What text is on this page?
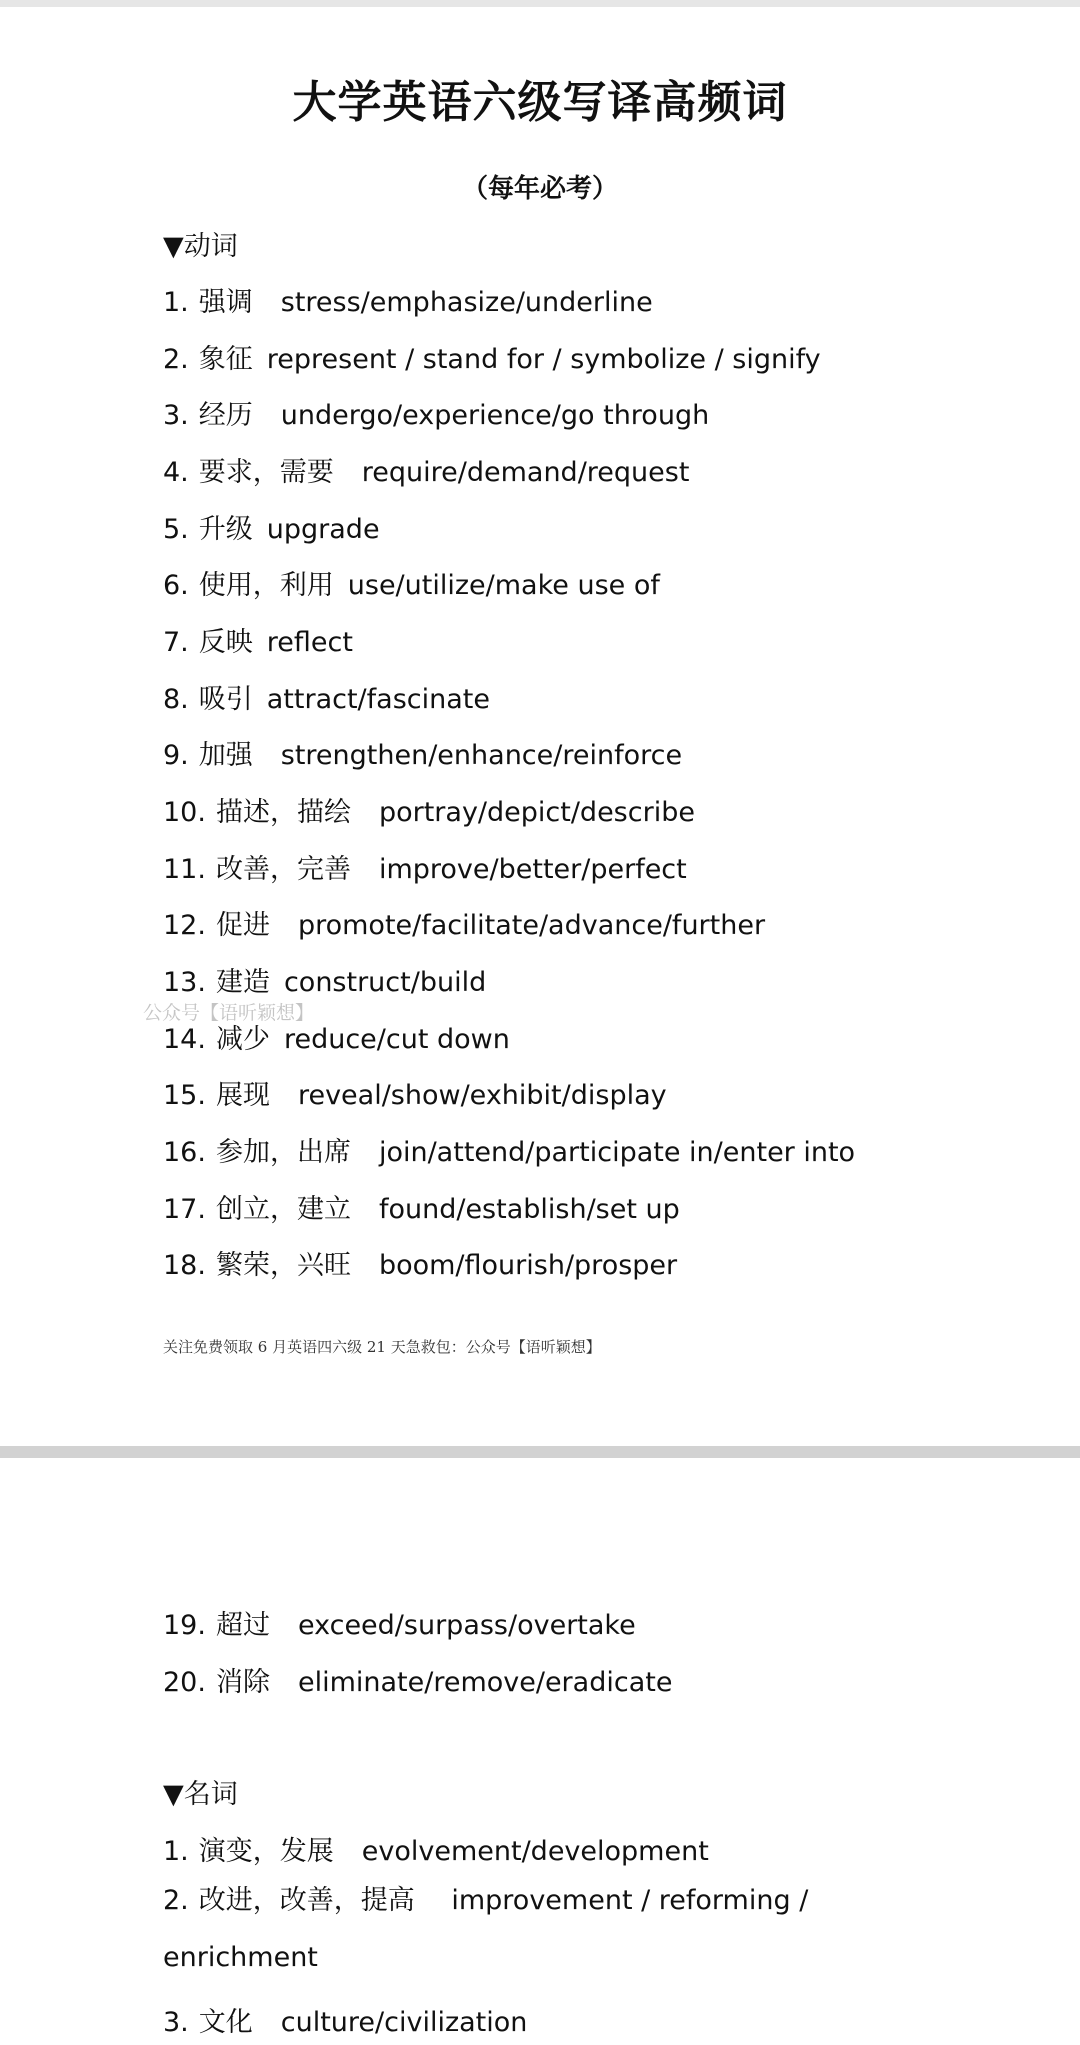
大学英语六级写译高频词
（每年必考）
▼动词
1. 强调 stress/emphasize/underline
2. 象征 represent / stand for / symbolize / signify
3. 经历 undergo/experience/go through
4. 要求，需要 require/demand/request
5. 升级 upgrade
6. 使用，利用 use/utilize/make use of
7. 反映 reflect
8. 吸引 attract/fascinate
9. 加强 strengthen/enhance/reinforce
10. 描述，描绘 portray/depict/describe
11. 改善，完善 improve/better/perfect
12. 促进 promote/facilitate/advance/further
13. 建造 construct/build
14. 减少 reduce/cut down
15. 展现 reveal/show/exhibit/display
16. 参加，出席 join/attend/participate in/enter into
17. 创立，建立 found/establish/set up
18. 繁荣，兴旺 boom/flourish/prosper
公众号【语听颖想】
关注免费领取 6 月英语四六级 21 天急救包：公众号【语听颖想】
19. 超过 exceed/surpass/overtake
20. 消除 eliminate/remove/eradicate
▼名词
1. 演变，发展 evolvement/development
2. 改进，改善，提高 improvement / reforming / enrichment
3. 文化 culture/civilization
